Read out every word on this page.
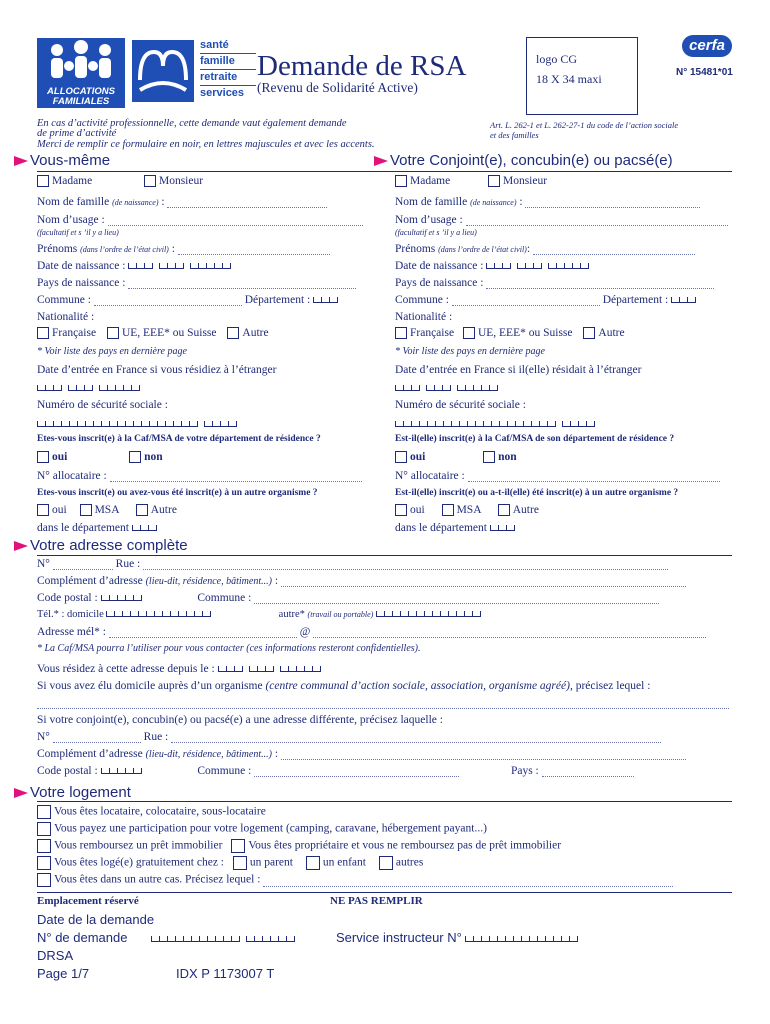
ALLOCATIONS FAMILIALES
santé
famille
retraite
services
Demande de RSA
(Revenu de Solidarité Active)
logo CG
18 X 34 maxi
cerfa
N° 15481*01
En cas d’activité professionnelle, cette demande vaut également demande
de prime d’activité
Merci de remplir ce formulaire en noir, en lettres majuscules et avec les accents.
Art. L. 262-1 et L. 262-27-1 du code de l’action sociale
et des familles
Vous-même	Votre Conjoint(e), concubin(e) ou pacsé(e)
Madame	Monsieur
Nom de famille (de naissance) :
Nom d’usage :
(facultatif et s ’il y a lieu)
Prénoms (dans l’ordre de l’état civil) :
Date de naissance :
Pays de naissance :
Commune :	Département :
Nationalité :
Française UE, EEE* ou Suisse Autre
* Voir liste des pays en dernière page
Date d’entrée en France si vous résidiez à l’étranger
Numéro de sécurité sociale :
Etes-vous inscrit(e) à la Caf/MSA de votre département de résidence ?
oui	non
N° allocataire :
Etes-vous inscrit(e) ou avez-vous été inscrit(e) à un autre organisme ?
oui MSA	Autre
dans le département
Madame	Monsieur
Nom de famille (de naissance) :
Nom d’usage :
(facultatif et s ’il y a lieu)
Prénoms (dans l’ordre de l’état civil):
Date de naissance :
Pays de naissance :
Commune :	Département :
Nationalité :
Française UE, EEE* ou Suisse Autre
* Voir liste des pays en dernière page
Date d’entrée en France si il(elle) résidait à l’étranger
Numéro de sécurité sociale :
Est-il(elle) inscrit(e) à la Caf/MSA de son département de résidence ?
oui	non
N° allocataire :
Est-il(elle) inscrit(e) ou a-t-il(elle) été inscrit(e) à un autre organisme ?
oui	MSA	Autre
dans le département
Votre adresse complète
N°	Rue :
Complément d’adresse (lieu-dit, résidence, bâtiment...) :
Code postal :	Commune :
Tél.* : domicile	autre* (travail ou portable)
Adresse mél* :	@
* La Caf/MSA pourra l’utiliser pour vous contacter (ces informations resteront confidentielles).
Vous résidez à cette adresse depuis le :
Si vous avez élu domicile auprès d’un organisme (centre communal d’action sociale, association, organisme agréé), précisez lequel :
Si votre conjoint(e), concubin(e) ou pacsé(e) a une adresse différente, précisez laquelle :
N°	Rue :
Complément d’adresse (lieu-dit, résidence, bâtiment...) :
Code postal :	Commune :	Pays :
Votre logement
Vous êtes locataire, colocataire, sous-locataire
Vous payez une participation pour votre logement (camping, caravane, hébergement payant...)
Vous remboursez un prêt immobilier Vous êtes propriétaire et vous ne remboursez pas de prêt immobilier
Vous êtes logé(e) gratuitement chez : un parent	un enfant	autres
Vous êtes dans un autre cas. Précisez lequel :
Emplacement réservé	NE PAS REMPLIR
Date de la demande
N° de demande	Service instructeur N°
DRSA
Page 1/7	IDX P 1173007 T
